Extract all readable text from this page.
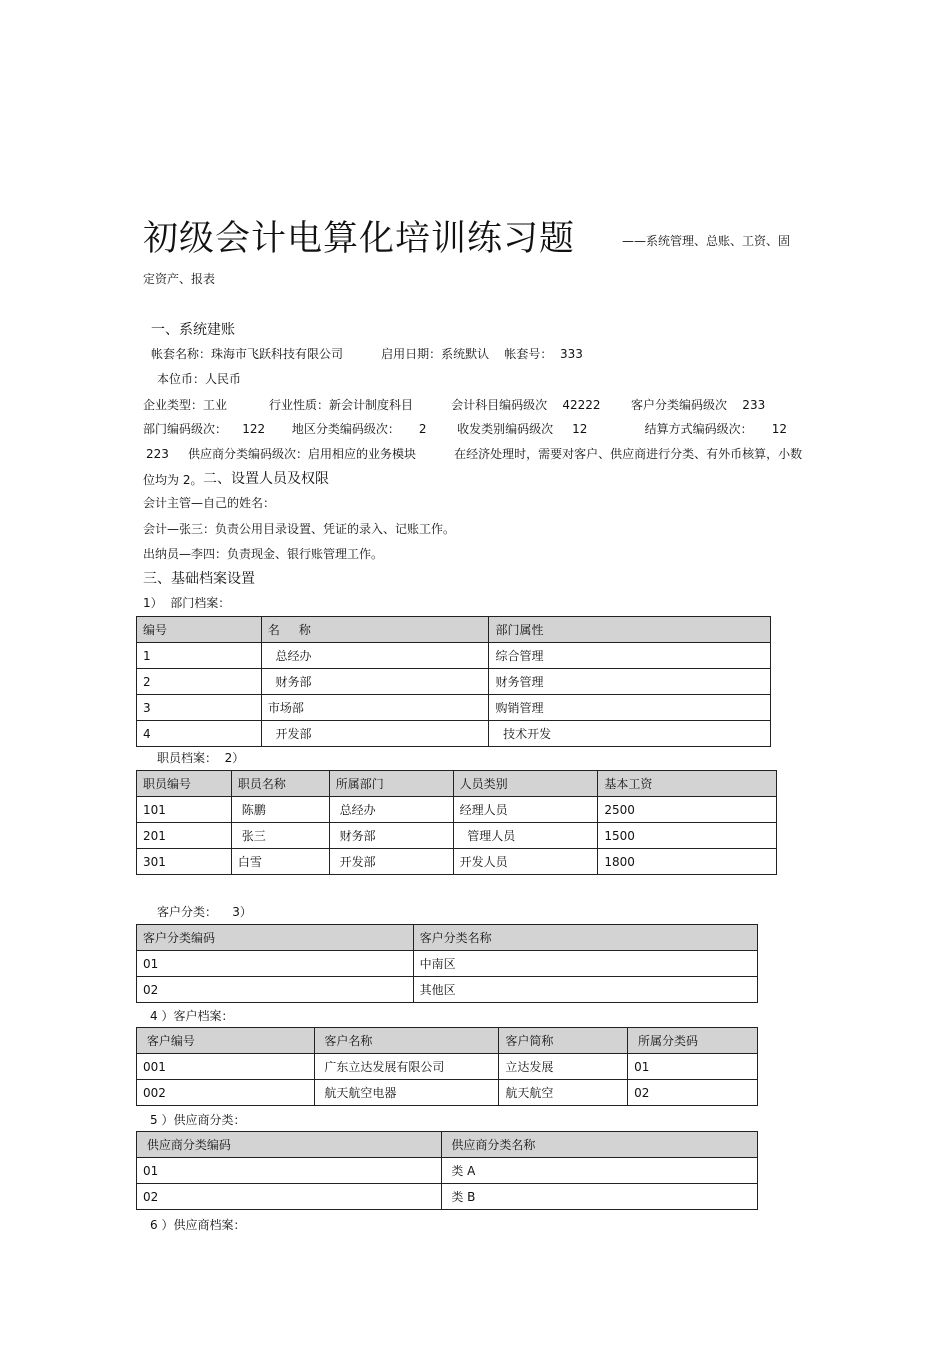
初级会计电算化培训练习题	——系统管理、总账、工资、固
定资产、报表
一、系统建账
帐套名称：珠海市飞跃科技有限公司          启用日期：系统默认    帐套号：  333
本位币：人民币
企业类型：工业           行业性质：新会计制度科目          会计科目编码级次    42222        客户分类编码级次    233
部门编码级次：    122       地区分类编码级次：     2        收发类别编码级次     12               结算方式编码级次：     12
223     供应商分类编码级次：启用相应的业务模块          在经济处理时，需要对客户、供应商进行分类、有外币核算，小数
位均为 2。 二、设置人员及权限
会计主管—自己的姓名：
会计—张三：负责公用目录设置、凭证的录入、记账工作。
出纳员—李四：负责现金、银行账管理工作。
三、基础档案设置
1）  部门档案：
编号	名     称	部门属性
1	总经办	综合管理
2	财务部	财务管理
3	市场部	购销管理
4	开发部	技术开发
职员档案：  2）
职员编号	职员名称	所属部门	人员类别	基本工资
101	陈鹏	总经办	经理人员	2500
201	张三	财务部	管理人员	1500
301	白雪	开发部	开发人员	1800
客户分类：    3）
客户分类编码	客户分类名称
01	中南区
02	其他区
4 ）客户档案：
客户编号	客户名称	客户简称	所属分类码
001	广东立达发展有限公司	立达发展	01
002	航天航空电器	航天航空	02
5 ）供应商分类：
供应商分类编码	供应商分类名称
01	类 A
02	类 B
6 ）供应商档案：
